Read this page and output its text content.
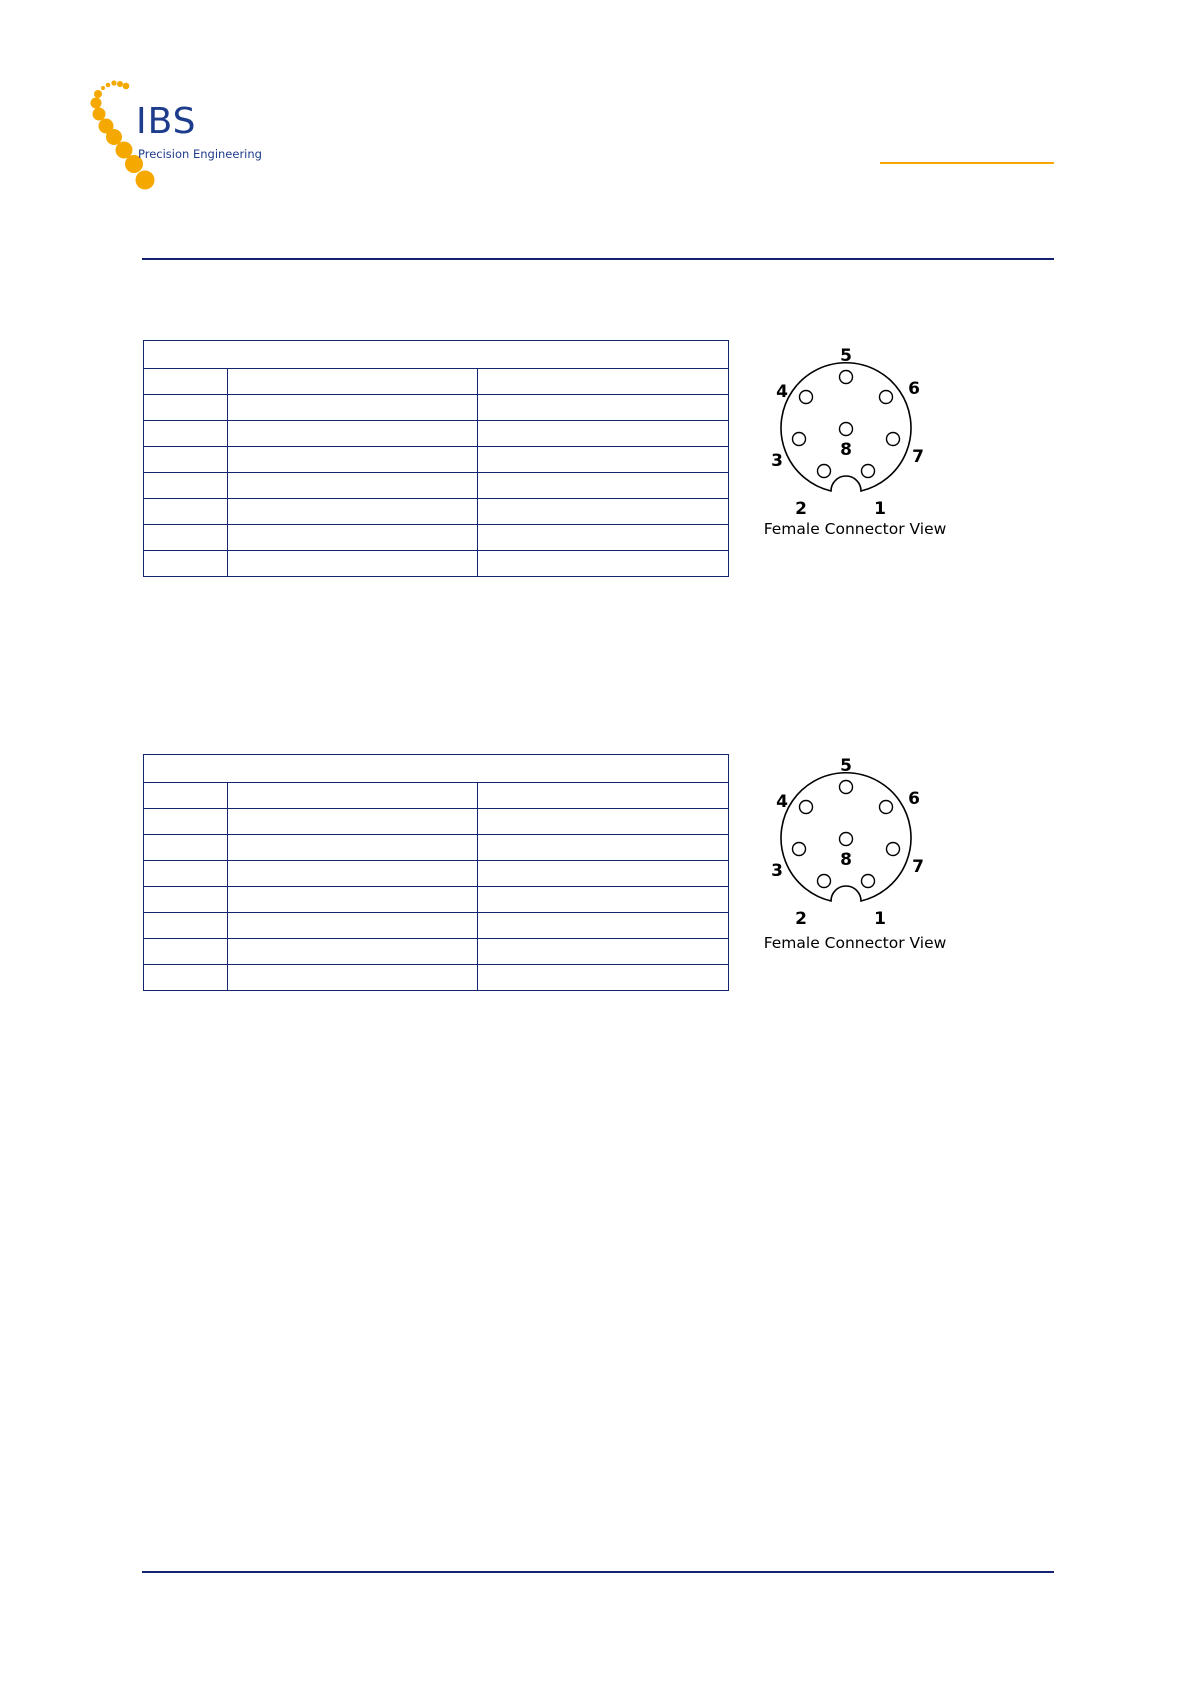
IBS
Precision Engineering

1
2
3
4
5
6
7
8
Female Connector View

1
2
3
4
5
6
7
8
Female Connector View
